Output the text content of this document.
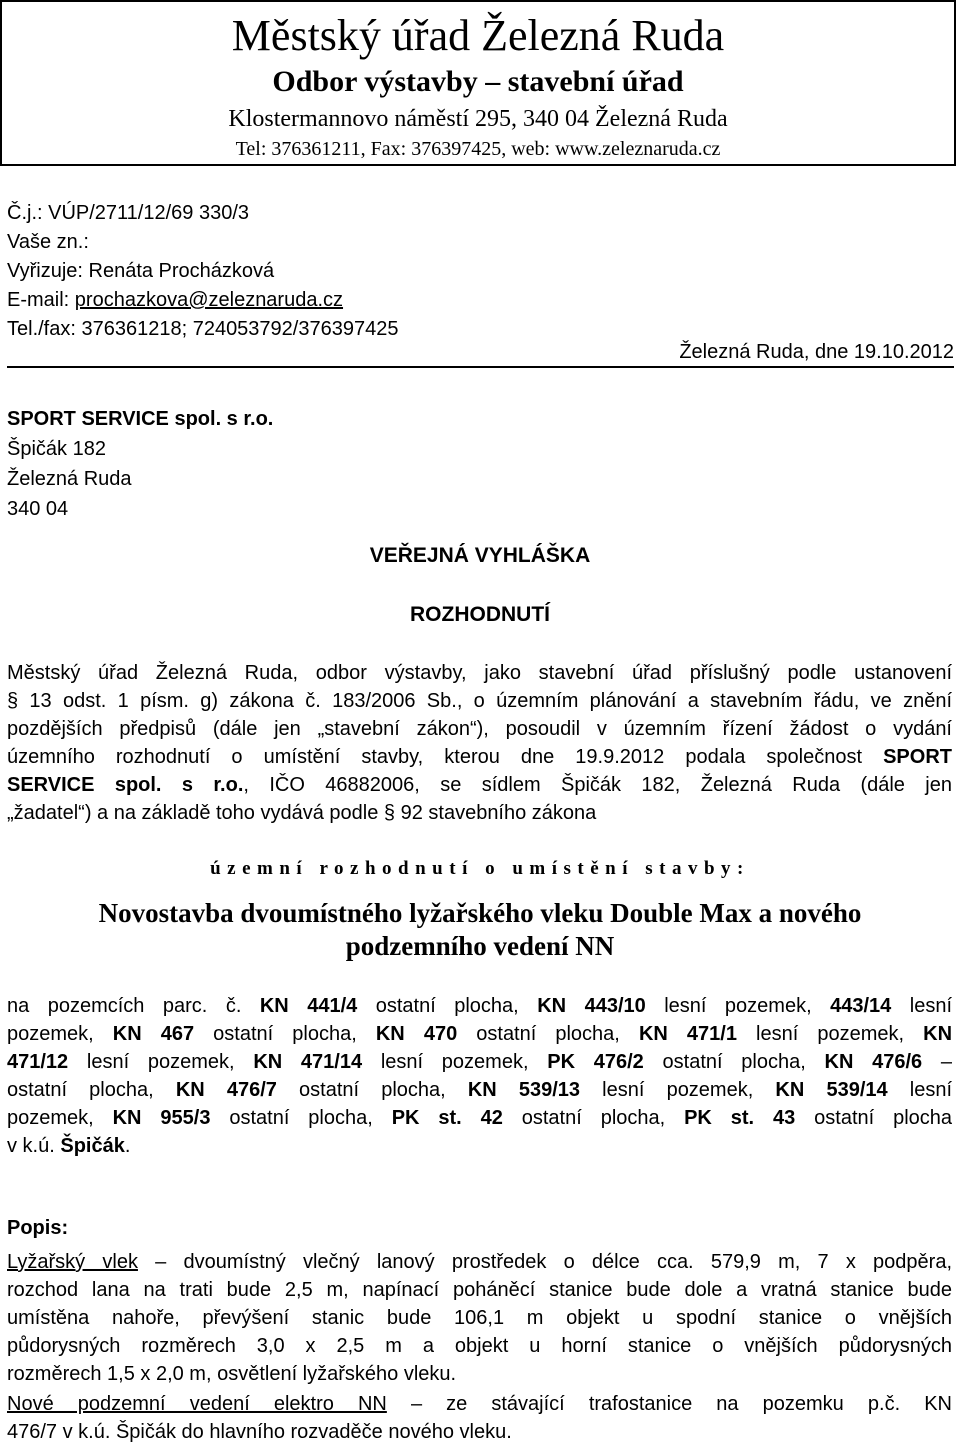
Městský úřad Železná Ruda
Odbor výstavby – stavební úřad
Klostermannovo náměstí 295, 340 04 Železná Ruda
Tel: 376361211, Fax: 376397425, web: www.zeleznaruda.cz
Č.j.: VÚP/2711/12/69 330/3
Vaše zn.:
Vyřizuje: Renáta Procházková
E-mail: prochazkova@zeleznaruda.cz
Tel./fax: 376361218; 724053792/376397425
Železná Ruda, dne 19.10.2012
SPORT SERVICE spol. s r.o.
Špičák 182
Železná Ruda
340 04
VEŘEJNÁ VYHLÁŠKA
ROZHODNUTÍ
Městský úřad Železná Ruda, odbor výstavby, jako stavební úřad příslušný podle ustanovení
§ 13 odst. 1 písm. g) zákona č. 183/2006 Sb., o územním plánování a stavebním řádu, ve znění
pozdějších předpisů (dále jen „stavební zákon“), posoudil v územním řízení žádost o vydání
územního rozhodnutí o umístění stavby, kterou dne 19.9.2012 podala společnost SPORT
SERVICE spol. s r.o., IČO 46882006, se sídlem Špičák 182, Železná Ruda (dále jen
„žadatel“) a na základě toho vydává podle § 92 stavebního zákona
územní rozhodnutí o umístění stavby:
Novostavba dvoumístného lyžařského vleku Double Max a nového
podzemního vedení NN
na pozemcích parc. č. KN 441/4 ostatní plocha, KN 443/10 lesní pozemek, 443/14 lesní
pozemek, KN 467 ostatní plocha, KN 470 ostatní plocha, KN 471/1 lesní pozemek, KN
471/12 lesní pozemek, KN 471/14 lesní pozemek, PK 476/2 ostatní plocha, KN 476/6 –
ostatní plocha, KN 476/7 ostatní plocha, KN 539/13 lesní pozemek, KN 539/14 lesní
pozemek, KN 955/3 ostatní plocha, PK st. 42 ostatní plocha, PK st. 43 ostatní plocha
v k.ú. Špičák.
Popis:
Lyžařský vlek – dvoumístný vlečný lanový prostředek o délce cca. 579,9 m, 7 x podpěra,
rozchod lana na trati bude 2,5 m, napínací poháněcí stanice bude dole a vratná stanice bude
umístěna nahoře, převýšení stanic bude 106,1 m objekt u spodní stanice o vnějších
půdorysných rozměrech 3,0 x 2,5 m a objekt u horní stanice o vnějších půdorysných
rozměrech 1,5 x 2,0 m, osvětlení lyžařského vleku.
Nové podzemní vedení elektro NN – ze stávající trafostanice na pozemku p.č. KN
476/7 v k.ú. Špičák do hlavního rozvaděče nového vleku.
